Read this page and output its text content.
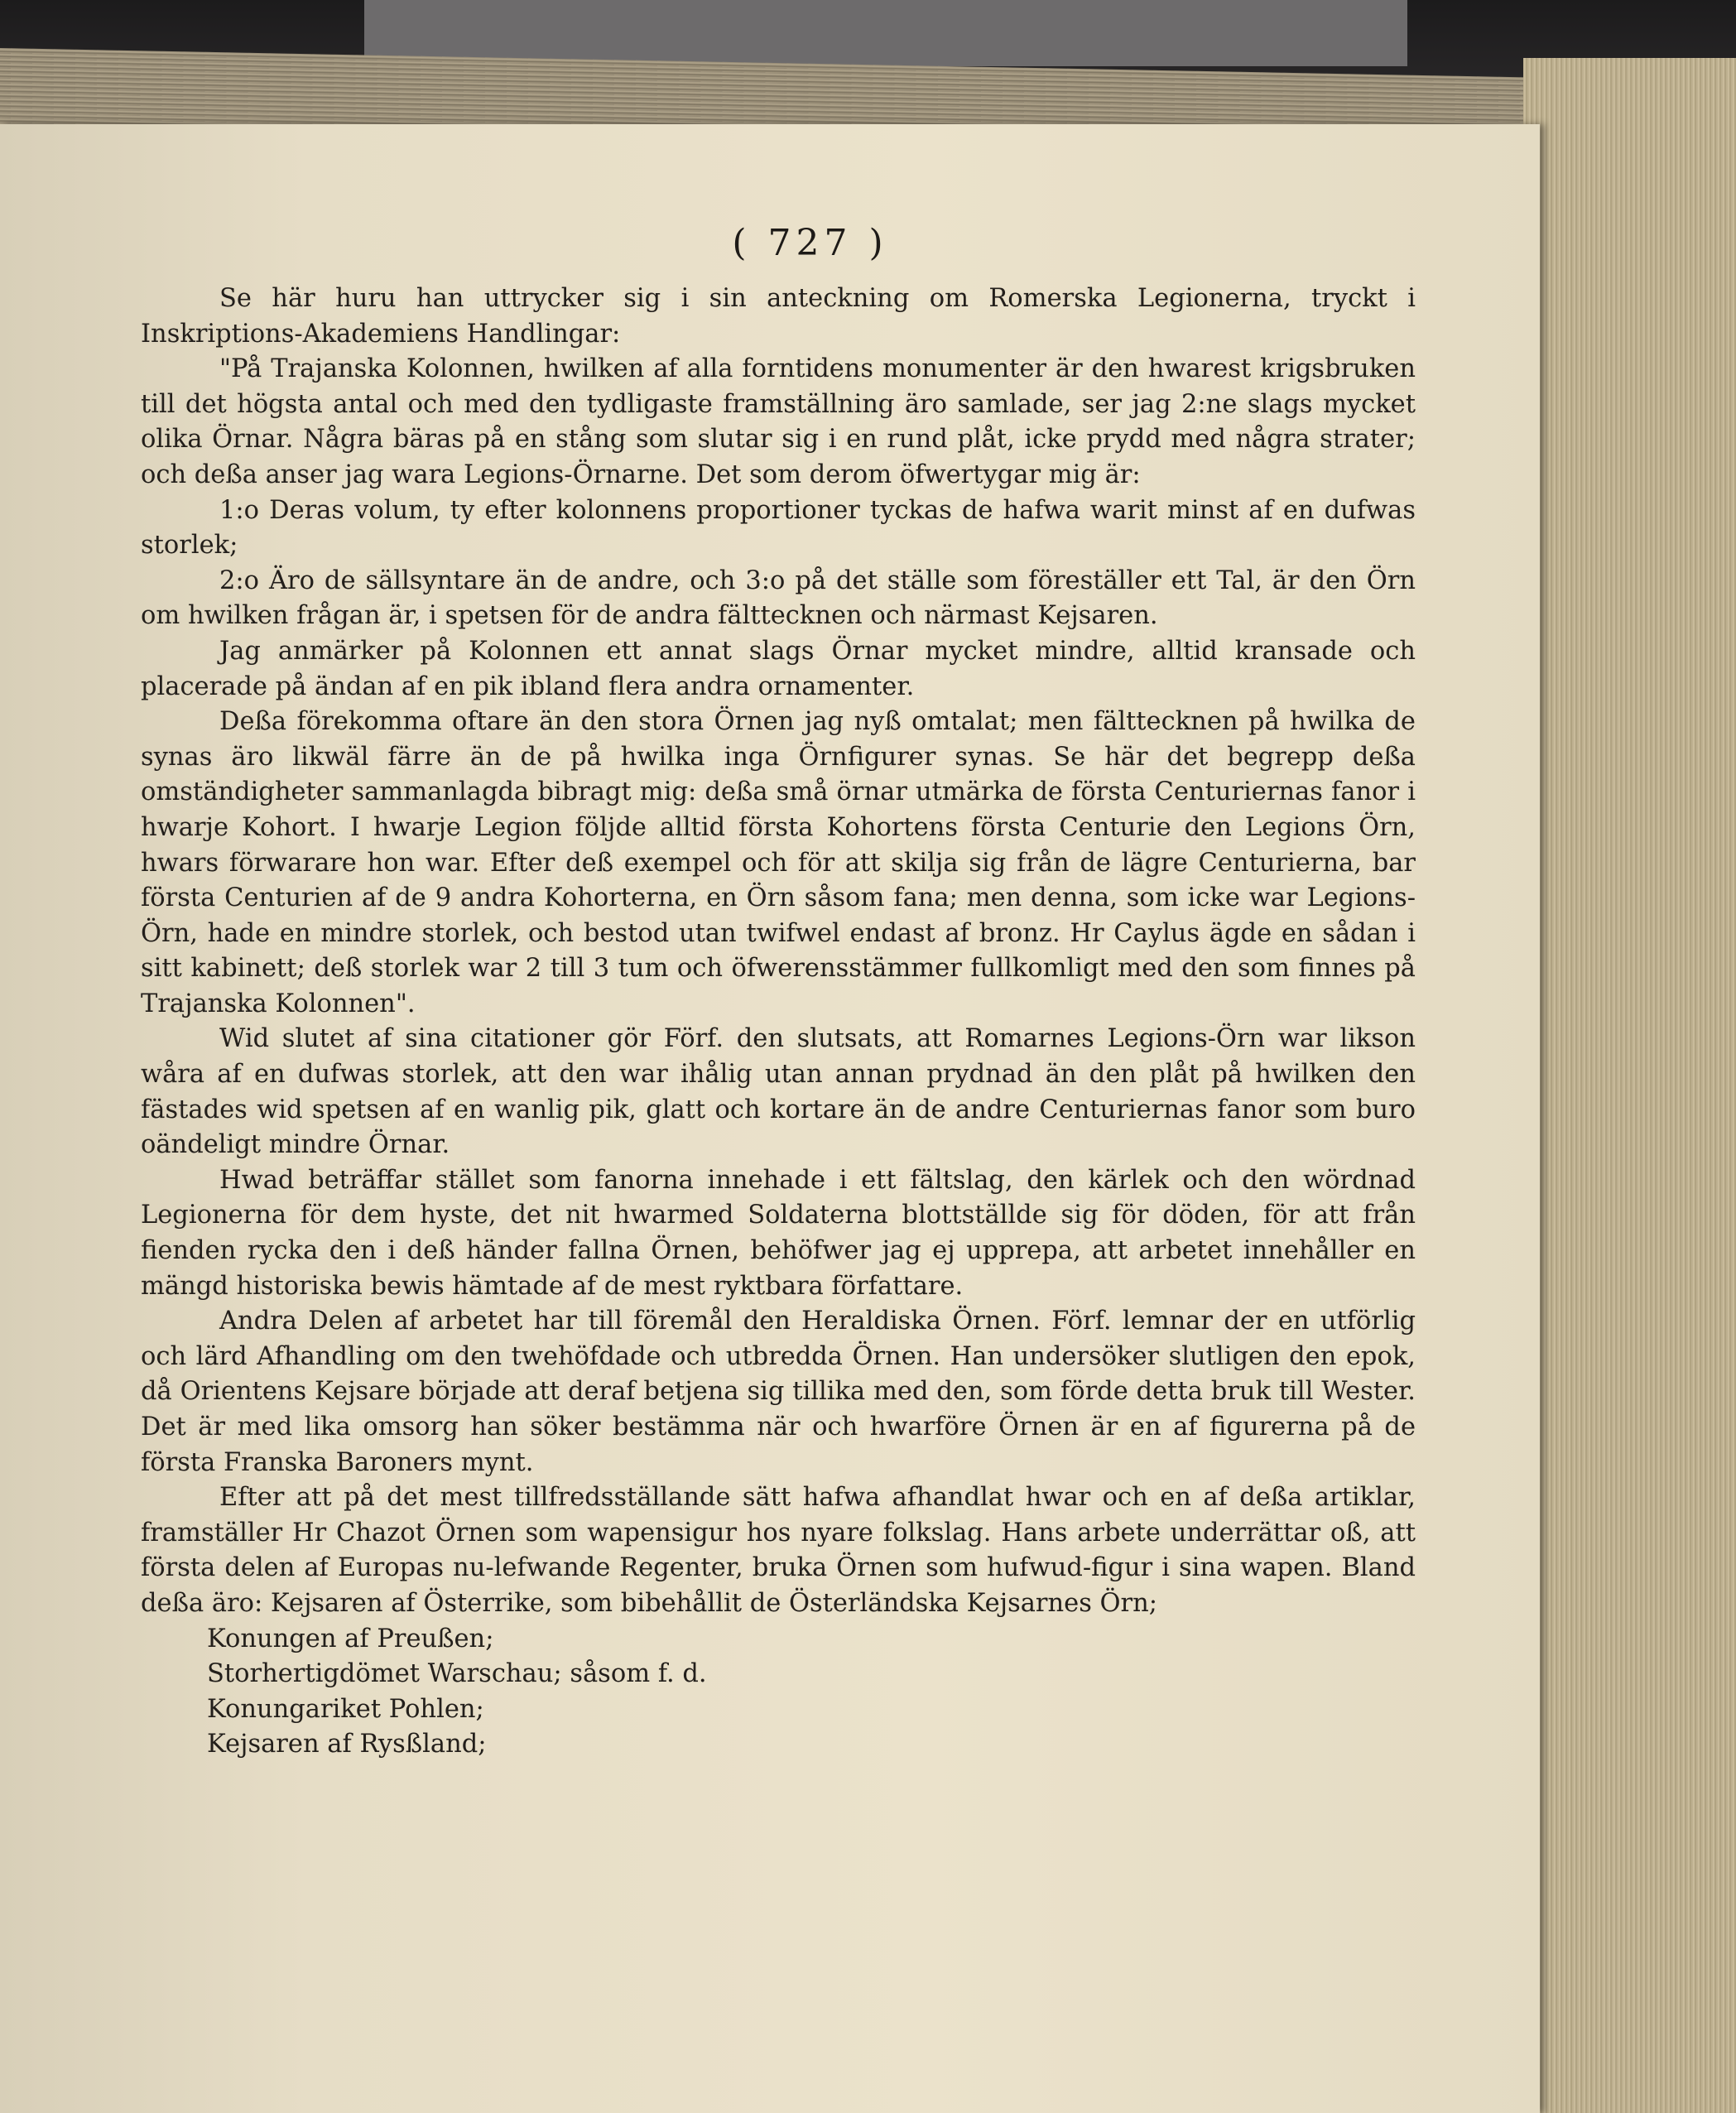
( 727 )

Se här huru han uttrycker sig i sin anteckning om Romerska Legionerna, tryckt i Inskriptions-Akademiens Handlingar:

"På Trajanska Kolonnen, hwilken af alla forntidens monumenter är den hwarest krigsbruken till det högsta antal och med den tydligaste framställning äro samlade, ser jag 2:ne slags mycket olika Örnar. Några bäras på en stång som slutar sig i en rund plåt, icke prydd med några strater; och deßa anser jag wara Legions-Örnarne. Det som derom öfwertygar mig är:

1:o Deras volum, ty efter kolonnens proportioner tyckas de hafwa warit minst af en dufwas storlek;

2:o Äro de sällsyntare än de andre, och 3:o på det ställe som föreställer ett Tal, är den Örn om hwilken frågan är, i spetsen för de andra fälttecknen och närmast Kejsaren.

Jag anmärker på Kolonnen ett annat slags Örnar mycket mindre, alltid kransade och placerade på ändan af en pik ibland flera andra ornamenter.

Deßa förekomma oftare än den stora Örnen jag nyß omtalat; men fälttecknen på hwilka de synas äro likwäl färre än de på hwilka inga Örnfigurer synas. Se här det begrepp deßa omständigheter sammanlagda bibragt mig: deßa små örnar utmärka de första Centuriernas fanor i hwarje Kohort. I hwarje Legion följde alltid första Kohortens första Centurie den Legions Örn, hwars förwarare hon war. Efter deß exempel och för att skilja sig från de lägre Centurierna, bar första Centurien af de 9 andra Kohorterna, en Örn såsom fana; men denna, som icke war Legions-Örn, hade en mindre storlek, och bestod utan twifwel endast af bronz. Hr Caylus ägde en sådan i sitt kabinett; deß storlek war 2 till 3 tum och öfwerensstämmer fullkomligt med den som finnes på Trajanska Kolonnen".

Wid slutet af sina citationer gör Förf. den slutsats, att Romarnes Legions-Örn war likson wåra af en dufwas storlek, att den war ihålig utan annan prydnad än den plåt på hwilken den fästades wid spetsen af en wanlig pik, glatt och kortare än de andre Centuriernas fanor som buro oändeligt mindre Örnar.

Hwad beträffar stället som fanorna innehade i ett fältslag, den kärlek och den wördnad Legionerna för dem hyste, det nit hwarmed Soldaterna blottställde sig för döden, för att från fienden rycka den i deß händer fallna Örnen, behöfwer jag ej upprepa, att arbetet innehåller en mängd historiska bewis hämtade af de mest ryktbara författare.

Andra Delen af arbetet har till föremål den Heraldiska Örnen. Förf. lemnar der en utförlig och lärd Afhandling om den twehöfdade och utbredda Örnen. Han undersöker slutligen den epok, då Orientens Kejsare började att deraf betjena sig tillika med den, som förde detta bruk till Wester. Det är med lika omsorg han söker bestämma när och hwarföre Örnen är en af figurerna på de första Franska Baroners mynt.

Efter att på det mest tillfredsställande sätt hafwa afhandlat hwar och en af deßa artiklar, framställer Hr Chazot Örnen som wapensigur hos nyare folkslag. Hans arbete underrättar oß, att första delen af Europas nu-lefwande Regenter, bruka Örnen som hufwud-figur i sina wapen. Bland deßa äro: Kejsaren af Österrike, som bibehållit de Österländska Kejsarnes Örn;

Konungen af Preußen;
Storhertigdömet Warschau; såsom f. d.
Konungariket Pohlen;
Kejsaren af Rysßland;
